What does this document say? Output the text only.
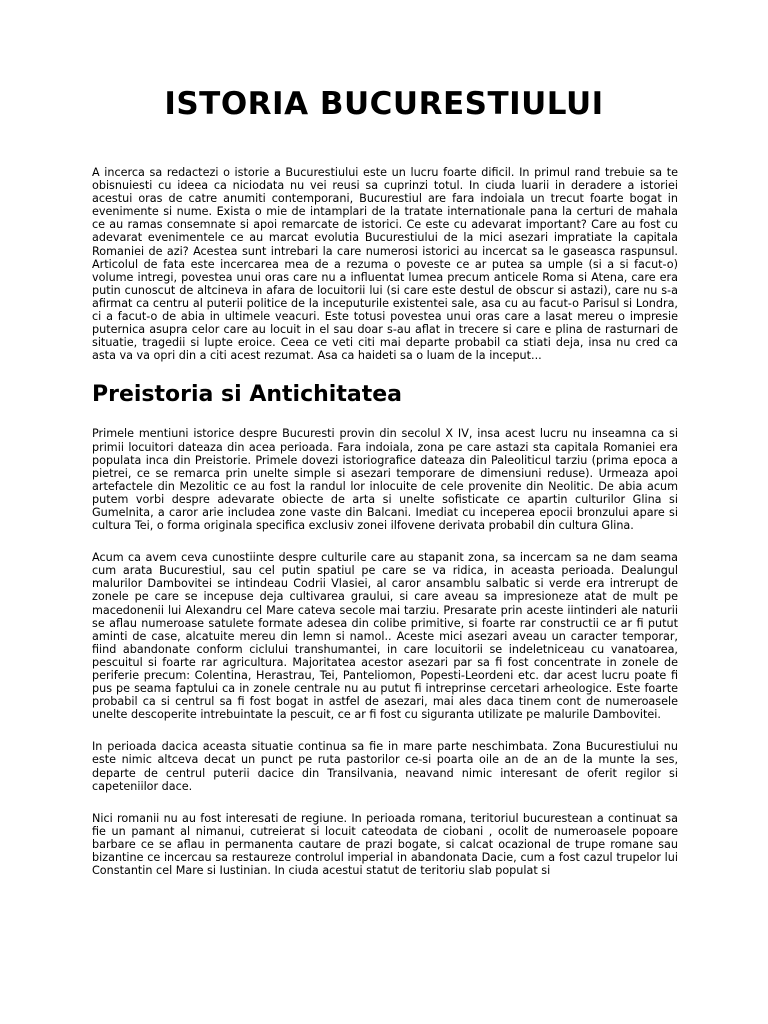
ISTORIA BUCURESTIULUI

A incerca sa redactezi o istorie a Bucurestiului este un lucru foarte dificil. In primul rand trebuie sa te obisnuiesti cu ideea ca niciodata nu vei reusi sa cuprinzi totul. In ciuda luarii in deradere a istoriei acestui oras de catre anumiti contemporani, Bucurestiul are fara indoiala un trecut foarte bogat in evenimente si nume. Exista o mie de intamplari de la tratate internationale pana la certuri de mahala ce au ramas consemnate si apoi remarcate de istorici. Ce este cu adevarat important? Care au fost cu adevarat evenimentele ce au marcat evolutia Bucurestiului de la mici asezari impratiate la capitala Romaniei de azi? Acestea sunt intrebari la care numerosi istorici au incercat sa le gaseasca raspunsul. Articolul de fata este incercarea mea de a rezuma o poveste ce ar putea sa umple (si a si facut-o) volume intregi, povestea unui oras care nu a influentat lumea precum anticele Roma si Atena, care era putin cunoscut de altcineva in afara de locuitorii lui (si care este destul de obscur si astazi), care nu s-a afirmat ca centru al puterii politice de la inceputurile existentei sale, asa cu au facut-o Parisul si Londra, ci a facut-o de abia in ultimele veacuri. Este totusi povestea unui oras care a lasat mereu o impresie puternica asupra celor care au locuit in el sau doar s-au aflat in trecere si care e plina de rasturnari de situatie, tragedii si lupte eroice. Ceea ce veti citi mai departe probabil ca stiati deja, insa nu cred ca asta va va opri din a citi acest rezumat. Asa ca haideti sa o luam de la inceput...

Preistoria si Antichitatea

Primele mentiuni istorice despre Bucuresti provin din secolul X IV, insa acest lucru nu inseamna ca si primii locuitori dateaza din acea perioada. Fara indoiala, zona pe care astazi sta capitala Romaniei era populata inca din Preistorie. Primele dovezi istoriografice dateaza din Paleoliticul tarziu (prima epoca a pietrei, ce se remarca prin unelte simple si asezari temporare de dimensiuni reduse). Urmeaza apoi artefactele din Mezolitic ce au fost la randul lor inlocuite de cele provenite din Neolitic. De abia acum putem vorbi despre adevarate obiecte de arta si unelte sofisticate ce apartin culturilor Glina si Gumelnita, a caror arie includea zone vaste din Balcani. Imediat cu inceperea epocii bronzului apare si cultura Tei, o forma originala specifica exclusiv zonei ilfovene derivata probabil din cultura Glina.

Acum ca avem ceva cunostiinte despre culturile care au stapanit zona, sa incercam sa ne dam seama cum arata Bucurestiul, sau cel putin spatiul pe care se va ridica, in aceasta perioada. Dealungul malurilor Dambovitei se intindeau Codrii Vlasiei, al caror ansamblu salbatic si verde era intrerupt de zonele pe care se incepuse deja cultivarea graului, si care aveau sa impresioneze atat de mult pe macedonenii lui Alexandru cel Mare cateva secole mai tarziu. Presarate prin aceste iintinderi ale naturii se aflau numeroase satulete formate adesea din colibe primitive, si foarte rar constructii ce ar fi putut aminti de case, alcatuite mereu din lemn si namol.. Aceste mici asezari aveau un caracter temporar, fiind abandonate conform ciclului transhumantei, in care locuitorii se indeletniceau cu vanatoarea, pescuitul si foarte rar agricultura. Majoritatea acestor asezari par sa fi fost concentrate in zonele de periferie precum: Colentina, Herastrau, Tei, Panteliomon, Popesti-Leordeni etc. dar acest lucru poate fi pus pe seama faptului ca in zonele centrale nu au putut fi intreprinse cercetari arheologice. Este foarte probabil ca si centrul sa fi fost bogat in astfel de asezari, mai ales daca tinem cont de numeroasele unelte descoperite intrebuintate la pescuit, ce ar fi fost cu siguranta utilizate pe malurile Dambovitei.

In perioada dacica aceasta situatie continua sa fie in mare parte neschimbata. Zona Bucurestiului nu este nimic altceva decat un punct pe ruta pastorilor ce-si poarta oile an de an de la munte la ses, departe de centrul puterii dacice din Transilvania, neavand nimic interesant de oferit regilor si capeteniilor dace.

Nici romanii nu au fost interesati de regiune. In perioada romana, teritoriul bucurestean a continuat sa fie un pamant al nimanui, cutreierat si locuit cateodata de ciobani , ocolit de numeroasele popoare barbare ce se aflau in permanenta cautare de prazi bogate, si calcat ocazional de trupe romane sau bizantine ce incercau sa restaureze controlul imperial in abandonata Dacie, cum a fost cazul trupelor lui Constantin cel Mare si Iustinian. In ciuda acestui statut de teritoriu slab populat si
